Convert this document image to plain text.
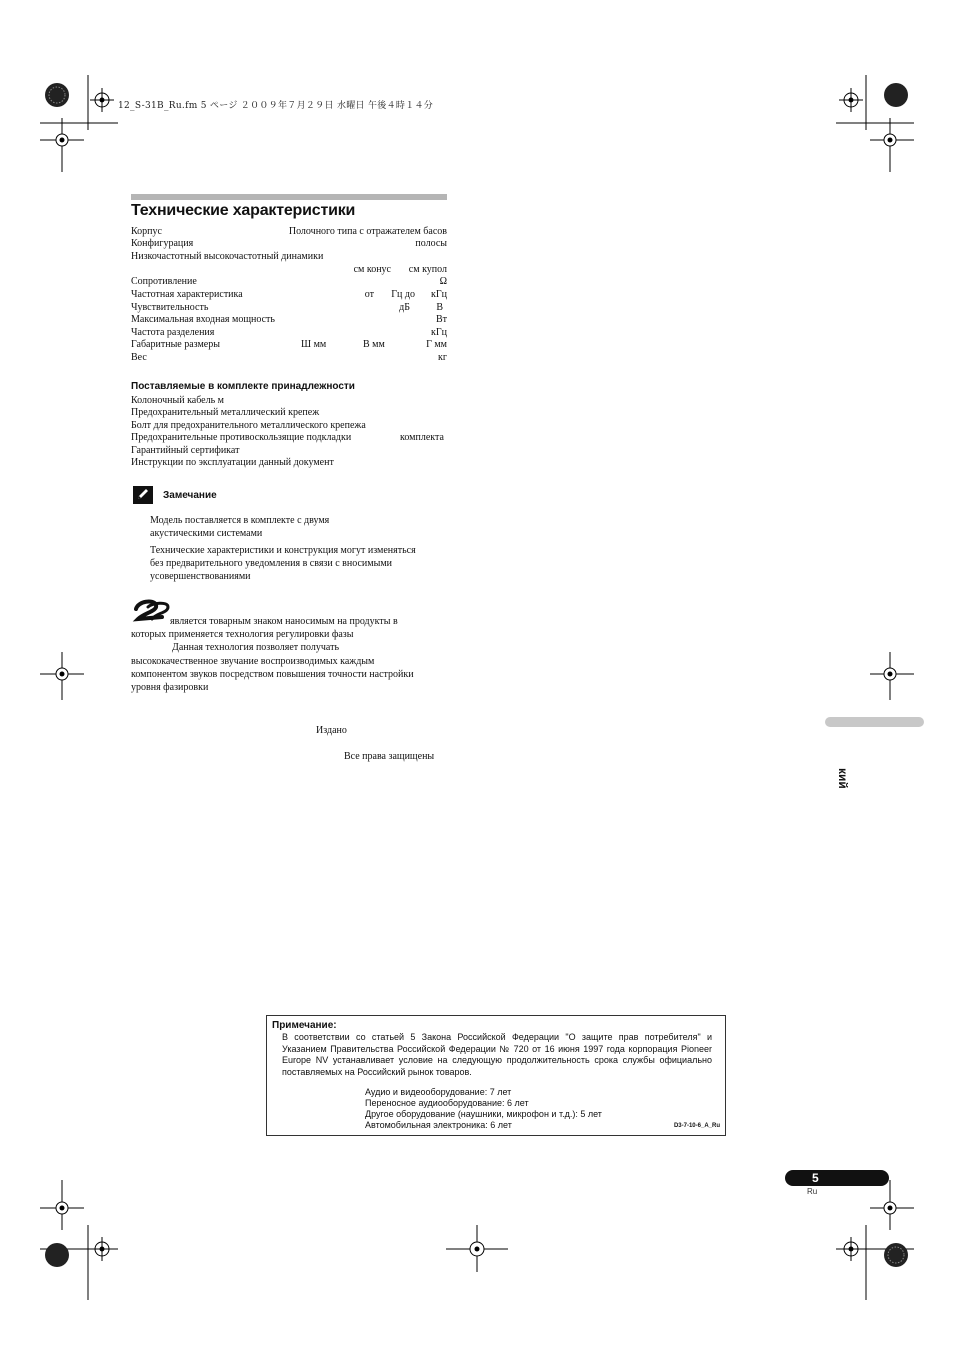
12_S-31B_Ru.fm 5 ページ ２００９年７月２９日 水曜日 午後４時１４分
Технические характеристики
Корпус	Полочного типа с отражателем басов
Конфигурация	полосы
Низкочастотный высокочастотный динамики
см конус см купол
Сопротивление	Ω
Частотная характеристика	от Гц до кГц
Чувствительность	дБ	В
Максимальная входная мощность	Вт
Частота разделения	кГц
Габаритные размеры	Ш мм	В мм	Г мм
Вес	кг
Поставляемые в комплекте принадлежности
Колоночный кабель м
Предохранительный металлический крепеж
Болт для предохранительного металлического крепежа
Предохранительные противоскользящие подкладки	комплекта
Гарантийный сертификат
Инструкции по эксплуатации данный документ
Замечание
Модель поставляется в комплекте с двумя
акустическими системами
Технические характеристики и конструкция могут изменяться
без предварительного уведомления в связи с вносимыми
усовершенствованиями
является товарным знаком наносимым на продукты в
которых применяется технология регулировки фазы
Данная технология позволяет получать
высококачественное звучание воспроизводимых каждым
компонентом звуков посредством повышения точности настройки
уровня фазировки
Издано
Все права защищены
кий
Примечание:
В соответствии со статьей 5 Закона Российской Федерации "О защите прав потребителя" и Указанием Правительства Российской Федерации № 720 от 16 июня 1997 года корпорация Pioneer Europe NV устанавливает условие на следующую продолжительность срока службы официально поставляемых на Российский рынок товаров.
Аудио и видеооборудование: 7 лет
Переносное аудиооборудование: 6 лет
Другое оборудование (наушники, микрофон и т.д.): 5 лет
Автомобильная электроника: 6 лет	D3-7-10-6_A_Ru
5
Ru
